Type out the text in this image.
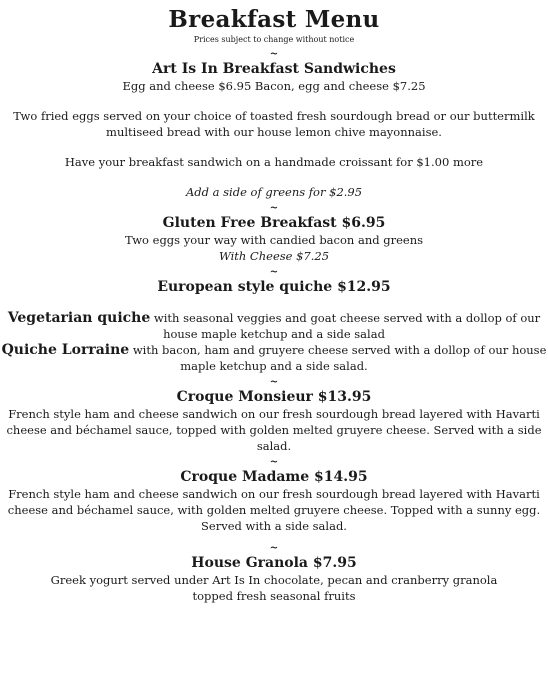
Breakfast Menu

Prices subject to change without notice

~

Art Is In Breakfast Sandwiches

Egg and cheese $6.95 Bacon, egg and cheese $7.25

Two fried eggs served on your choice of toasted fresh sourdough bread or our buttermilk

multiseed bread with our house lemon chive mayonnaise.

Have your breakfast sandwich on a handmade croissant for $1.00 more

Add a side of greens for $2.95

~

Gluten Free Breakfast $6.95

Two eggs your way with candied bacon and greens

With Cheese $7.25

~

European style quiche $12.95

Vegetarian quiche with seasonal veggies and goat cheese served with a dollop of our

house maple ketchup and a side salad

Quiche Lorraine with bacon, ham and gruyere cheese served with a dollop of our house

maple ketchup and a side salad.

~

Croque Monsieur $13.95

French style ham and cheese sandwich on our fresh sourdough bread layered with Havarti

cheese and béchamel sauce, topped with golden melted gruyere cheese. Served with a side

salad.

~

Croque Madame $14.95

French style ham and cheese sandwich on our fresh sourdough bread layered with Havarti

cheese and béchamel sauce, with golden melted gruyere cheese. Topped with a sunny egg.

Served with a side salad.

~

House Granola $7.95

Greek yogurt served under Art Is In chocolate, pecan and cranberry granola

topped fresh seasonal fruits
